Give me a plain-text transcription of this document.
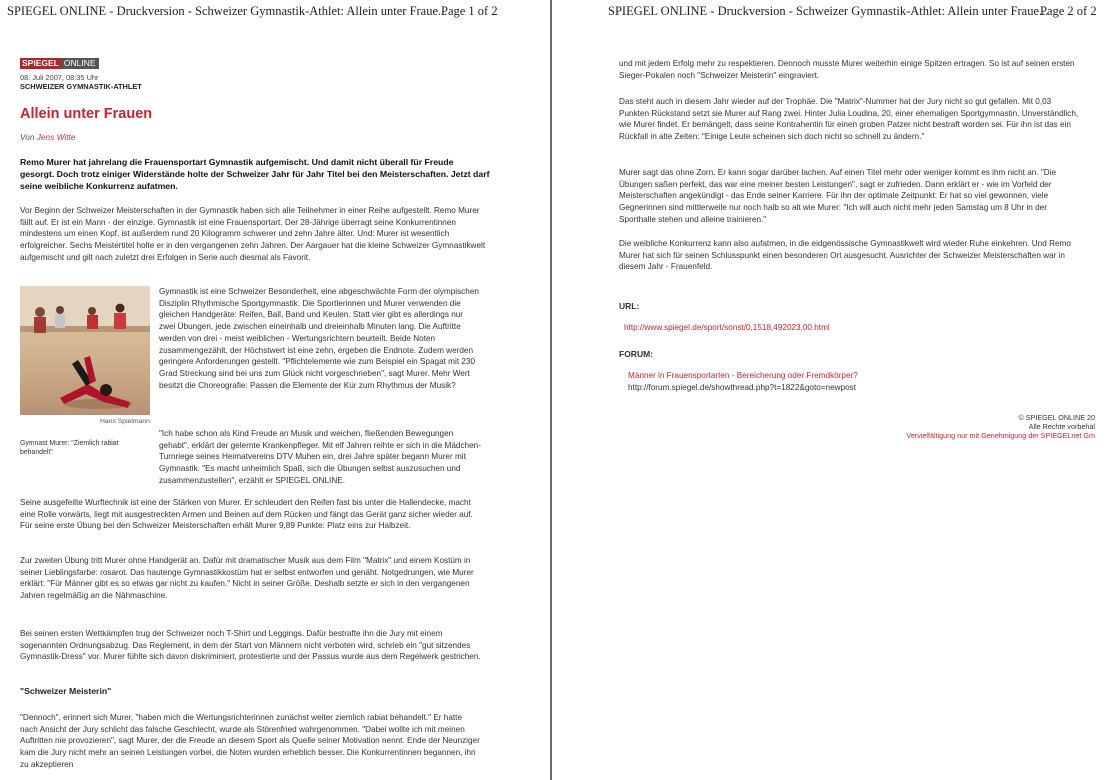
SPIEGEL ONLINE - Druckversion - Schweizer Gymnastik-Athlet: Allein unter Fraue...
Page 1 of 2
SPIEGEL ONLINE
08. Juli 2007, 08:35 Uhr
SCHWEIZER GYMNASTIK-ATHLET
Allein unter Frauen
Von Jens Witte

Remo Murer hat jahrelang die Frauensportart Gymnastik aufgemischt. Und damit nicht überall für Freude gesorgt. Doch trotz einiger Widerstände holte der Schweizer Jahr für Jahr Titel bei den Meisterschaften. Jetzt darf seine weibliche Konkurrenz aufatmen.

Vor Beginn der Schweizer Meisterschaften in der Gymnastik haben sich alle Teilnehmer in einer Reihe aufgestellt. Remo Murer fällt auf. Er ist ein Mann - der einzige. Gymnastik ist eine Frauensportart. Der 28-Jährige überragt seine Konkurrentinnen mindestens um einen Kopf, ist außerdem rund 20 Kilogramm schwerer und zehn Jahre älter. Und: Murer ist wesentlich erfolgreicher. Sechs Meistertitel holte er in den vergangenen zehn Jahren. Der Aargauer hat die kleine Schweizer Gymnastikwelt aufgemischt und gilt nach zuletzt drei Erfolgen in Serie auch diesmal als Favorit.

Hans Spielmann
Gymnast Murer: "Ziemlich rabiat behandelt"

Gymnastik ist eine Schweizer Besonderheit, eine abgeschwächte Form der olympischen Disziplin Rhythmische Sportgymnastik. Die Sportlerinnen und Murer verwenden die gleichen Handgeräte: Reifen, Ball, Band und Keulen. Statt vier gibt es allerdings nur zwei Übungen, jede zwischen eineinhalb und dreieinhalb Minuten lang. Die Auftritte werden von drei - meist weiblichen - Wertungsrichtern beurteilt. Beide Noten zusammengezählt, der Höchstwert ist eine zehn, ergeben die Endnote. Zudem werden geringere Anforderungen gestellt. "Pflichtelemente wie zum Beispiel ein Spagat mit 230 Grad Streckung sind bei uns zum Glück nicht vorgeschrieben", sagt Murer. Mehr Wert besitzt die Choreografie: Passen die Elemente der Kür zum Rhythmus der Musik?

"Ich habe schon als Kind Freude an Musik und weichen, fließenden Bewegungen gehabt", erklärt der gelernte Krankenpfleger. Mit elf Jahren reihte er sich in die Mädchen-Turnriege seines Heimatvereins DTV Muhen ein, drei Jahre später begann Murer mit Gymnastik. "Es macht unheimlich Spaß, sich die Übungen selbst auszusuchen und zusammenzustellen", erzählt er SPIEGEL ONLINE.

Seine ausgefeilte Wurftechnik ist eine der Stärken von Murer. Er schleudert den Reifen fast bis unter die Hallendecke, macht eine Rolle vorwärts, liegt mit ausgestreckten Armen und Beinen auf dem Rücken und fängt das Gerät ganz sicher wieder auf. Für seine erste Übung bei den Schweizer Meisterschaften erhält Murer 9,89 Punkte: Platz eins zur Halbzeit.

Zur zweiten Übung tritt Murer ohne Handgerät an. Dafür mit dramatischer Musik aus dem Film "Matrix" und einem Kostüm in seiner Lieblingsfarbe: rosarot. Das hautenge Gymnastikkostüm hat er selbst entworfen und genäht. Notgedrungen, wie Murer erklärt: "Für Männer gibt es so etwas gar nicht zu kaufen." Nicht in seiner Größe. Deshalb setzte er sich in den vergangenen Jahren regelmäßig an die Nähmaschine.

Bei seinen ersten Wettkämpfen trug der Schweizer noch T-Shirt und Leggings. Dafür bestrafte ihn die Jury mit einem sogenannten Ordnungsabzug. Das Reglement, in dem der Start von Männern nicht verboten wird, schrieb ein "gut sitzendes Gymnastik-Dress" vor. Murer fühlte sich davon diskriminiert, protestierte und der Passus wurde aus dem Regelwerk gestrichen.

"Schweizer Meisterin"

"Dennoch", erinnert sich Murer, "haben mich die Wertungsrichterinnen zunächst weiter ziemlich rabiat behandelt." Er hatte nach Ansicht der Jury schlicht das falsche Geschlecht, wurde als Störenfried wahrgenommen. "Dabei wollte ich mit meinen Auftritten nie provozieren", sagt Murer, der die Freude an diesem Sport als Quelle seiner Motivation nennt. Ende der Neunziger kam die Jury nicht mehr an seinen Leistungen vorbei, die Noten wurden erheblich besser. Die Konkurrentinnen begannen, ihn zu akzeptieren

SPIEGEL ONLINE - Druckversion - Schweizer Gymnastik-Athlet: Allein unter Fraue...
Page 2 of 2

und mit jedem Erfolg mehr zu respektieren. Dennoch musste Murer weiterhin einige Spitzen ertragen. So ist auf seinen ersten Sieger-Pokalen noch "Schweizer Meisterin" eingraviert.

Das steht auch in diesem Jahr wieder auf der Trophäe. Die "Matrix"-Nummer hat der Jury nicht so gut gefallen. Mit 0,03 Punkten Rückstand setzt sie Murer auf Rang zwei. Hinter Julia Loudina, 20, einer ehemaligen Sportgymnastin. Unverständlich, wie Murer findet. Er bemängelt, dass seine Kontrahentin für einen groben Patzer nicht bestraft worden sei. Für ihn ist das ein Rückfall in alte Zeiten: "Einige Leute scheinen sich doch nicht so schnell zu ändern."

Murer sagt das ohne Zorn. Er kann sogar darüber lachen. Auf einen Titel mehr oder weniger kommt es ihm nicht an. "Die Übungen saßen perfekt, das war eine meiner besten Leistungen", sagt er zufrieden. Dann erklärt er - wie im Vorfeld der Meisterschaften angekündigt - das Ende seiner Karriere. Für ihn der optimale Zeitpunkt: Er hat so viel gewonnen, viele Gegnerinnen sind mittlerweile nur noch halb so alt wie Murer: "Ich will auch nicht mehr jeden Samstag um 8 Uhr in der Sporthalle stehen und alleine trainieren."

Die weibliche Konkurrenz kann also aufatmen, in die eidgenössische Gymnastikwelt wird wieder Ruhe einkehren. Und Remo Murer hat sich für seinen Schlusspunkt einen besonderen Ort ausgesucht. Ausrichter der Schweizer Meisterschaften war in diesem Jahr - Frauenfeld.

URL:
http://www.spiegel.de/sport/sonst/0,1518,492023,00.html
FORUM:
Männer in Frauensportarten - Bereicherung oder Fremdkörper?
http://forum.spiegel.de/showthread.php?t=1822&goto=newpost
© SPIEGEL ONLINE 20
Alle Rechte vorbehal
Vervielfältigung nur mit Genehmigung der SPIEGELnet Gm
